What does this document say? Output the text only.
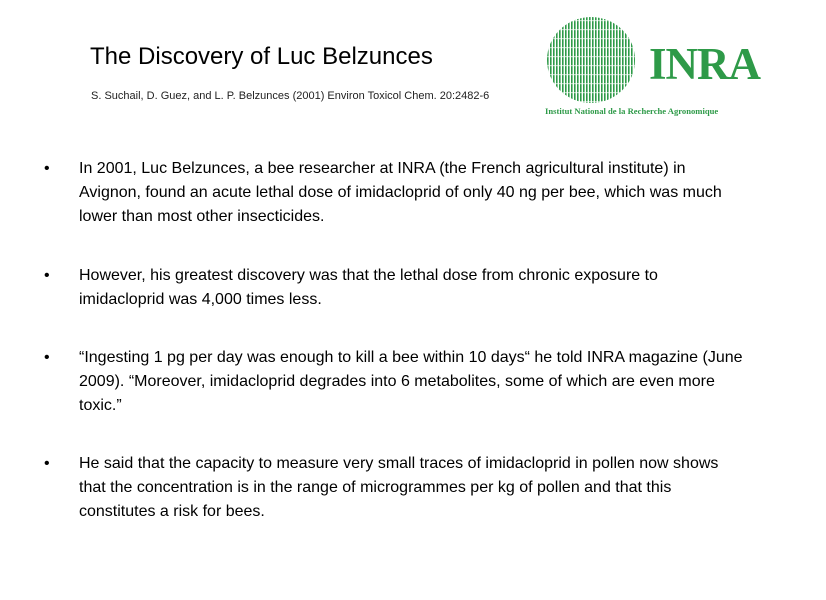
The Discovery of Luc Belzunces
S. Suchail, D. Guez, and L. P. Belzunces (2001) Environ Toxicol Chem. 20:2482-6
INRA
Institut National de la Recherche Agronomique
• In 2001, Luc Belzunces, a bee researcher at INRA (the French agricultural institute) in Avignon, found an acute lethal dose of imidacloprid of only 40 ng per bee, which was much lower than most other insecticides.
• However, his greatest discovery was that the lethal dose from chronic exposure to imidacloprid was 4,000 times less.
• “Ingesting 1 pg per day was enough to kill a bee within 10 days“ he told INRA magazine (June 2009). “Moreover, imidacloprid degrades into 6 metabolites, some of which are even more toxic.”
• He said that the capacity to measure very small traces of imidacloprid in pollen now shows that the concentration is in the range of microgrammes per kg of pollen and that this constitutes a risk for bees.
